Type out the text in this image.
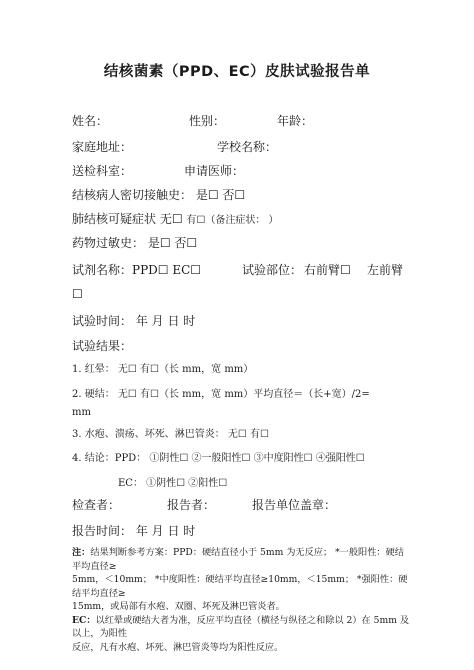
结核菌素（PPD、EC）皮肤试验报告单
姓名：	性别：	年龄：
家庭地址：	学校名称：
送检科室：	申请医师：
结核病人密切接触史： 是☐ 否☐
肺结核可疑症状 无☐ 有☐（备注症状： ）
药物过敏史： 是☐ 否☐
试剂名称：PPD☐ EC☐	试验部位： 右前臂☐ 左前臂
☐
试验时间： 年 月 日 时
试验结果：
1. 红晕： 无☐ 有☐（长 mm，宽 mm）
2. 硬结： 无☐ 有☐（长 mm，宽 mm）平均直径＝（长+宽）/2=
mm
3. 水疱、溃疡、坏死、淋巴管炎： 无☐ 有☐
4. 结论：PPD： ①阴性☐ ②一般阳性☐ ③中度阳性☐ ④强阳性☐
EC： ①阴性☐ ②阳性☐
检查者：	报告者：	报告单位盖章：
报告时间： 年 月 日 时
注：结果判断参考方案：PPD：硬结直径小于 5mm 为无反应； *一般阳性：硬结平均直径≥
5mm，＜10mm； *中度阳性：硬结平均直径≥10mm，＜15mm； *强阳性：硬结平均直径≥
15mm，或局部有水疱、双圈、坏死及淋巴管炎者。
EC：以红晕或硬结大者为准，反应平均直径（横径与纵径之和除以 2）在 5mm 及以上，为阳性
反应，凡有水疱、坏死、淋巴管炎等均为阳性反应。
